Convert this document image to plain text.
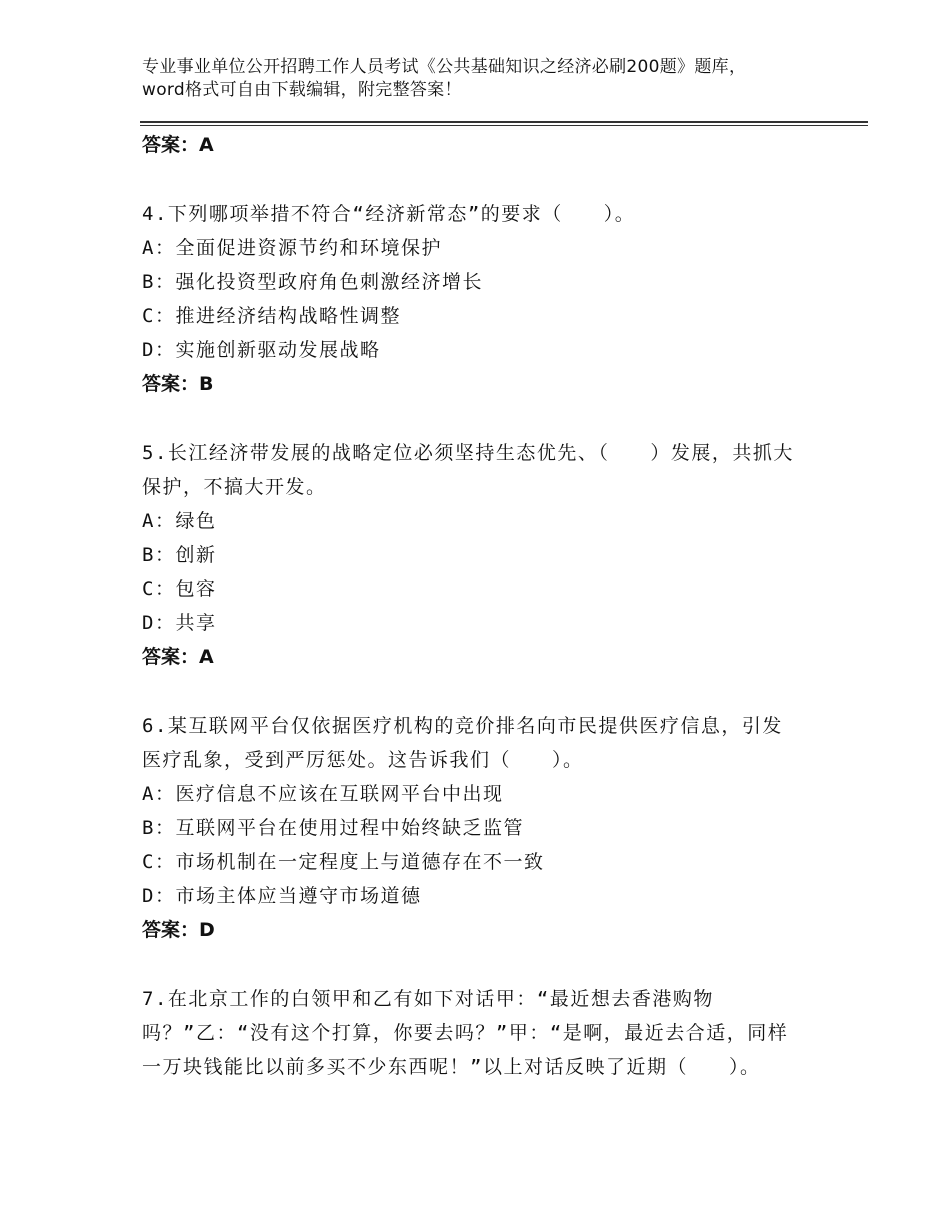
专业事业单位公开招聘工作人员考试《公共基础知识之经济必刷200题》题库，word格式可自由下载编辑，附完整答案！
答案：A
4.下列哪项举措不符合“经济新常态”的要求（　　）。
A：全面促进资源节约和环境保护
B：强化投资型政府角色刺激经济增长
C：推进经济结构战略性调整
D：实施创新驱动发展战略
答案：B
5.长江经济带发展的战略定位必须坚持生态优先、（　　）发展，共抓大保护，不搞大开发。
A：绿色
B：创新
C：包容
D：共享
答案：A
6.某互联网平台仅依据医疗机构的竞价排名向市民提供医疗信息，引发医疗乱象，受到严厉惩处。这告诉我们（　　）。
A：医疗信息不应该在互联网平台中出现
B：互联网平台在使用过程中始终缺乏监管
C：市场机制在一定程度上与道德存在不一致
D：市场主体应当遵守市场道德
答案：D
7.在北京工作的白领甲和乙有如下对话甲：“最近想去香港购物吗？”乙：“没有这个打算，你要去吗？”甲：“是啊，最近去合适，同样一万块钱能比以前多买不少东西呢！”以上对话反映了近期（　　）。
